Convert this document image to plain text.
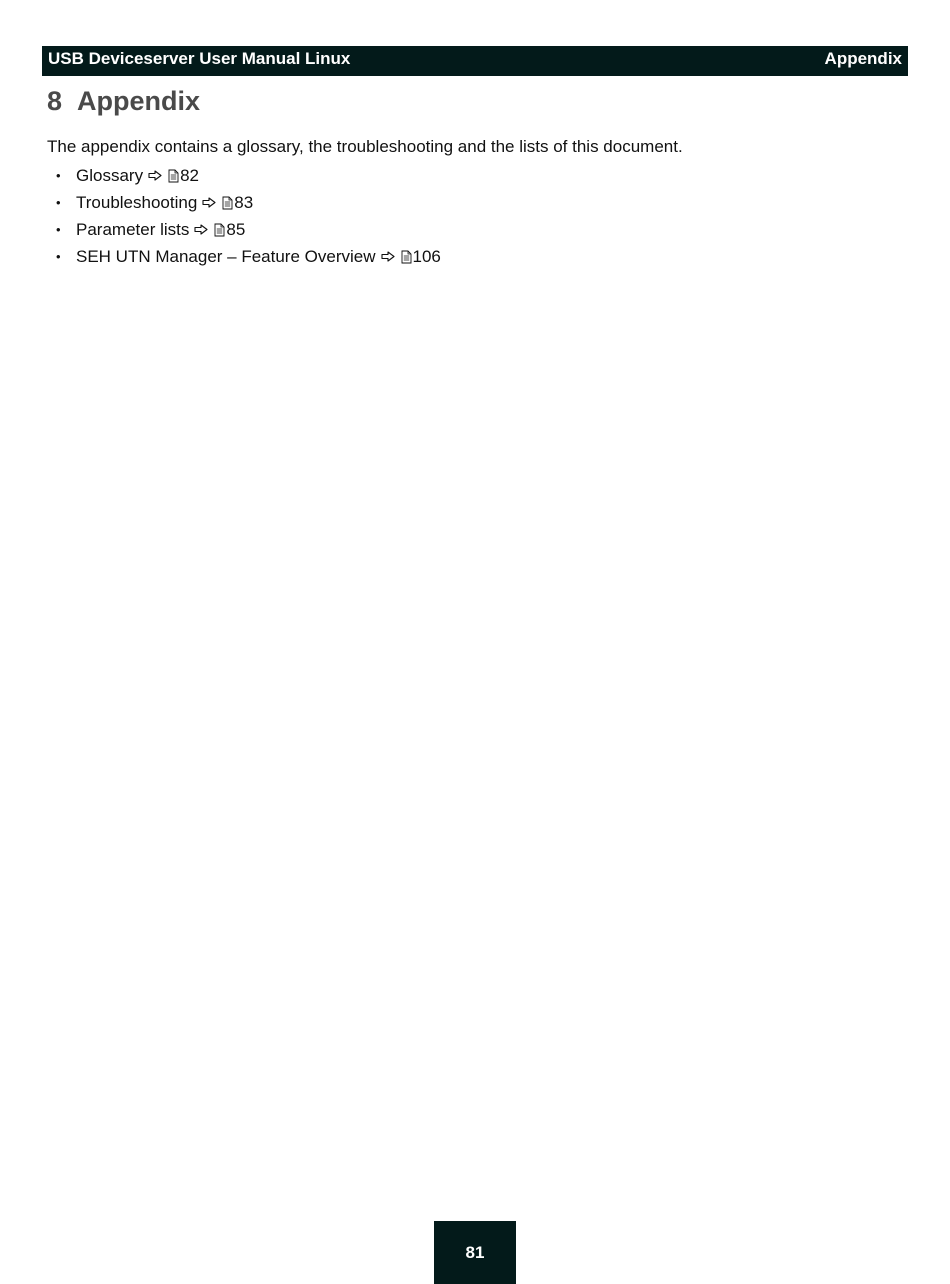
USB Deviceserver User Manual Linux	Appendix
8 Appendix

The appendix contains a glossary, the troubleshooting and the lists of this document.

• Glossary 82
• Troubleshooting 83
• Parameter lists 85
• SEH UTN Manager – Feature Overview 106
81
